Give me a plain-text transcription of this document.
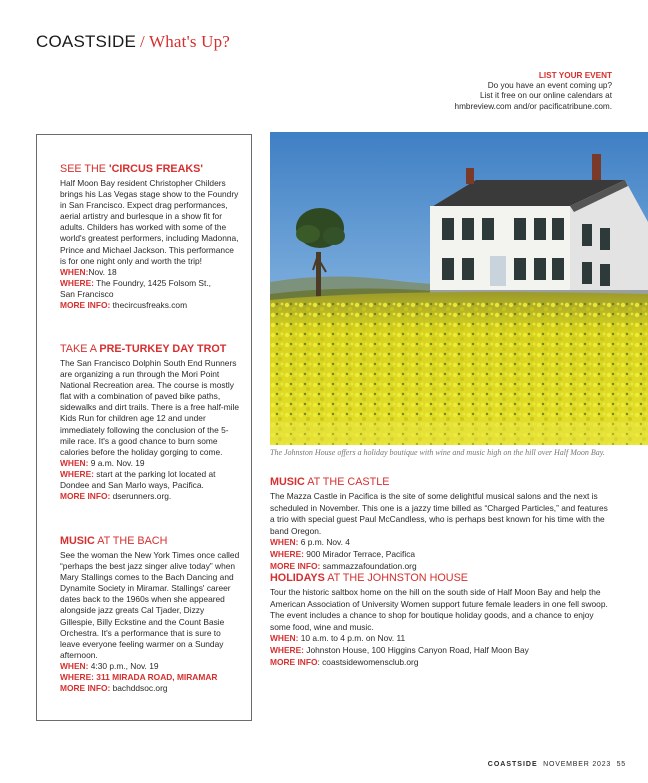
COASTSIDE / What's Up?
LIST YOUR EVENT
Do you have an event coming up?
List it free on our online calendars at
hmbreview.com and/or pacificatribune.com.
SEE THE 'CIRCUS FREAKS'
Half Moon Bay resident Christopher Childers brings his Las Vegas stage show to the Foundry in San Francisco. Expect drag performances, aerial artistry and burlesque in a show fit for adults. Childers has worked with some of the world's greatest performers, including Madonna, Prince and Michael Jackson. This performance is for one night only and worth the trip!
WHEN:Nov. 18
WHERE: The Foundry, 1425 Folsom St.,
San Francisco
MORE INFO: thecircusfreaks.com
TAKE A PRE-TURKEY DAY TROT
The San Francisco Dolphin South End Runners are organizing a run through the Mori Point National Recreation area. The course is mostly flat with a combination of paved bike paths, sidewalks and dirt trails. There is a free half-mile Kids Run for children age 12 and under immediately following the conclusion of the 5-mile race. It's a good chance to burn some calories before the holiday gorging to come.
WHEN: 9 a.m. Nov. 19
WHERE: start at the parking lot located at Dondee and San Marlo ways, Pacifica.
MORE INFO: dserunners.org.
MUSIC AT THE BACH
See the woman the New York Times once called “perhaps the best jazz singer alive today” when Mary Stallings comes to the Bach Dancing and Dynamite Society in Miramar. Stallings' career dates back to the 1960s when she appeared alongside jazz greats Cal Tjader, Dizzy Gillespie, Billy Eckstine and the Count Basie Orchestra. It's a performance that is sure to leave everyone feeling warmer on a Sunday afternoon.
WHEN: 4:30 p.m., Nov. 19
WHERE: 311 MIRADA ROAD, MIRAMAR
MORE INFO: bachddsoc.org
The Johnston House offers a holiday boutique with wine and music high on the hill over Half Moon Bay.
MUSIC AT THE CASTLE
The Mazza Castle in Pacifica is the site of some delightful musical salons and the next is scheduled in November. This one is a jazzy time billed as “Charged Particles,” and features a trio with special guest Paul McCandless, who is perhaps best known for his time with the band Oregon.
WHEN: 6 p.m. Nov. 4
WHERE: 900 Mirador Terrace, Pacifica
MORE INFO: sammazzafoundation.org
HOLIDAYS AT THE JOHNSTON HOUSE
Tour the historic saltbox home on the hill on the south side of Half Moon Bay and help the American Association of University Women support future female leaders in one fell swoop. The event includes a chance to shop for boutique holiday goods, and a chance to enjoy some food, wine and music.
WHEN: 10 a.m. to 4 p.m. on Nov. 11
WHERE: Johnston House, 100 Higgins Canyon Road, Half Moon Bay
MORE INFO: coastsidewomensclub.org
COASTSIDE NOVEMBER 2023 55
